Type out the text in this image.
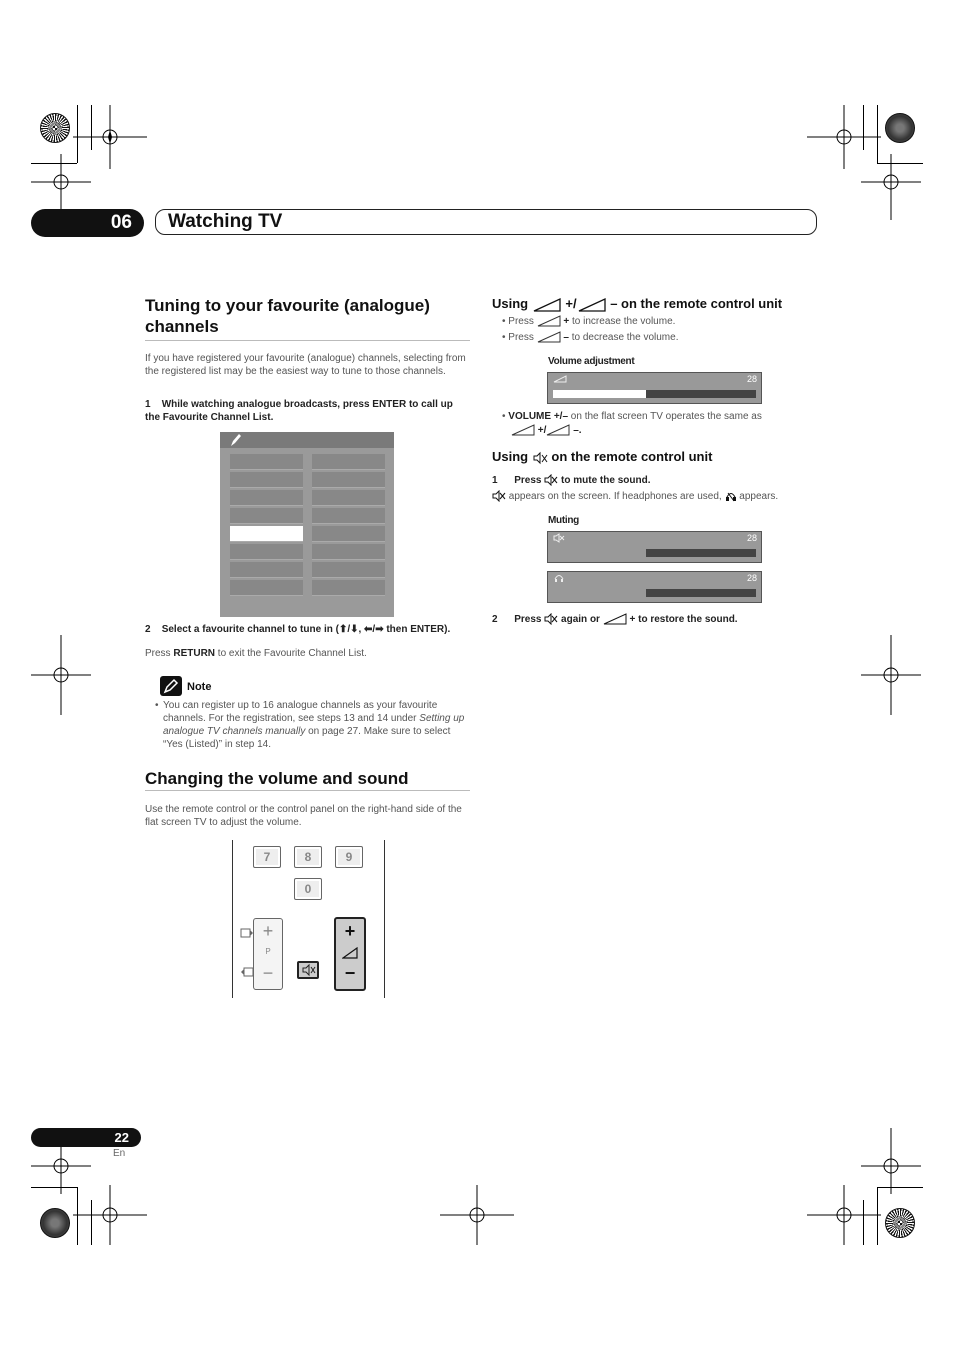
06	Watching TV
Tuning to your favourite (analogue) channels
If you have registered your favourite (analogue) channels, selecting from the registered list may be the easiest way to tune to those channels.
1 While watching analogue broadcasts, press ENTER to call up the Favourite Channel List.
2 Select a favourite channel to tune in (⬆/⬇, ⬅/➡ then ENTER).
Press RETURN to exit the Favourite Channel List.
Note
• You can register up to 16 analogue channels as your favourite channels. For the registration, see steps 13 and 14 under Setting up analogue TV channels manually on page 27. Make sure to select “Yes (Listed)” in step 14.
Changing the volume and sound
Use the remote control or the control panel on the right-hand side of the flat screen TV to adjust the volume.
7	8	9
0
+
P
−
+
−
Using	+/	– on the remote control unit
• Press	+ to increase the volume.
• Press	– to decrease the volume.
Volume adjustment
28
• VOLUME +/– on the flat screen TV operates the same as
+/	–.
Using on the remote control unit
1 Press to mute the sound.
appears on the screen. If headphones are used, appears.
Muting
28
28
2 Press again or	+ to restore the sound.
22
En
